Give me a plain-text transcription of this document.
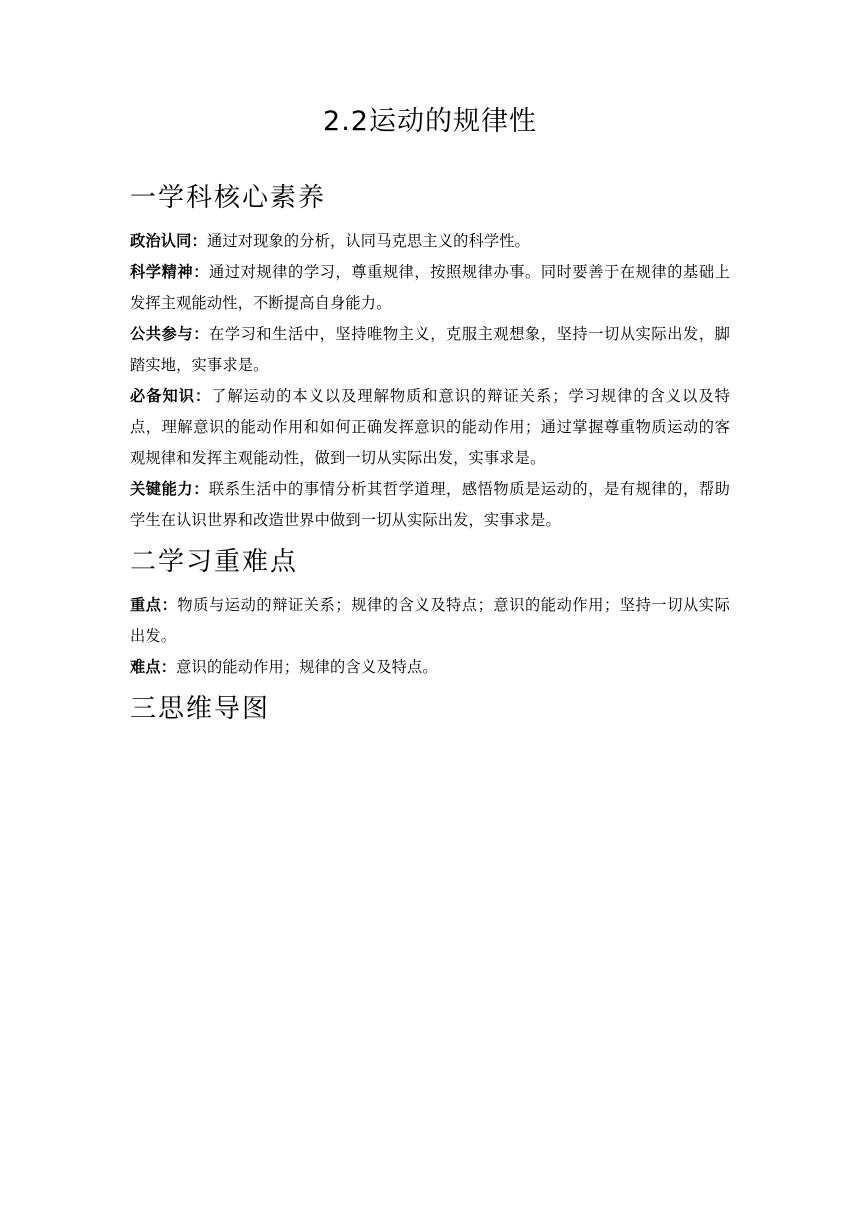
2.2运动的规律性
一学科核心素养

政治认同：通过对现象的分析，认同马克思主义的科学性。

科学精神：通过对规律的学习，尊重规律，按照规律办事。同时要善于在规律的基础上发挥主观能动性，不断提高自身能力。

公共参与：在学习和生活中，坚持唯物主义，克服主观想象，坚持一切从实际出发，脚踏实地，实事求是。

必备知识：了解运动的本义以及理解物质和意识的辩证关系；学习规律的含义以及特点，理解意识的能动作用和如何正确发挥意识的能动作用；通过掌握尊重物质运动的客观规律和发挥主观能动性，做到一切从实际出发，实事求是。

关键能力：联系生活中的事情分析其哲学道理，感悟物质是运动的，是有规律的，帮助学生在认识世界和改造世界中做到一切从实际出发，实事求是。

二学习重难点

重点：物质与运动的辩证关系；规律的含义及特点；意识的能动作用；坚持一切从实际出发。

难点：意识的能动作用；规律的含义及特点。

三思维导图
